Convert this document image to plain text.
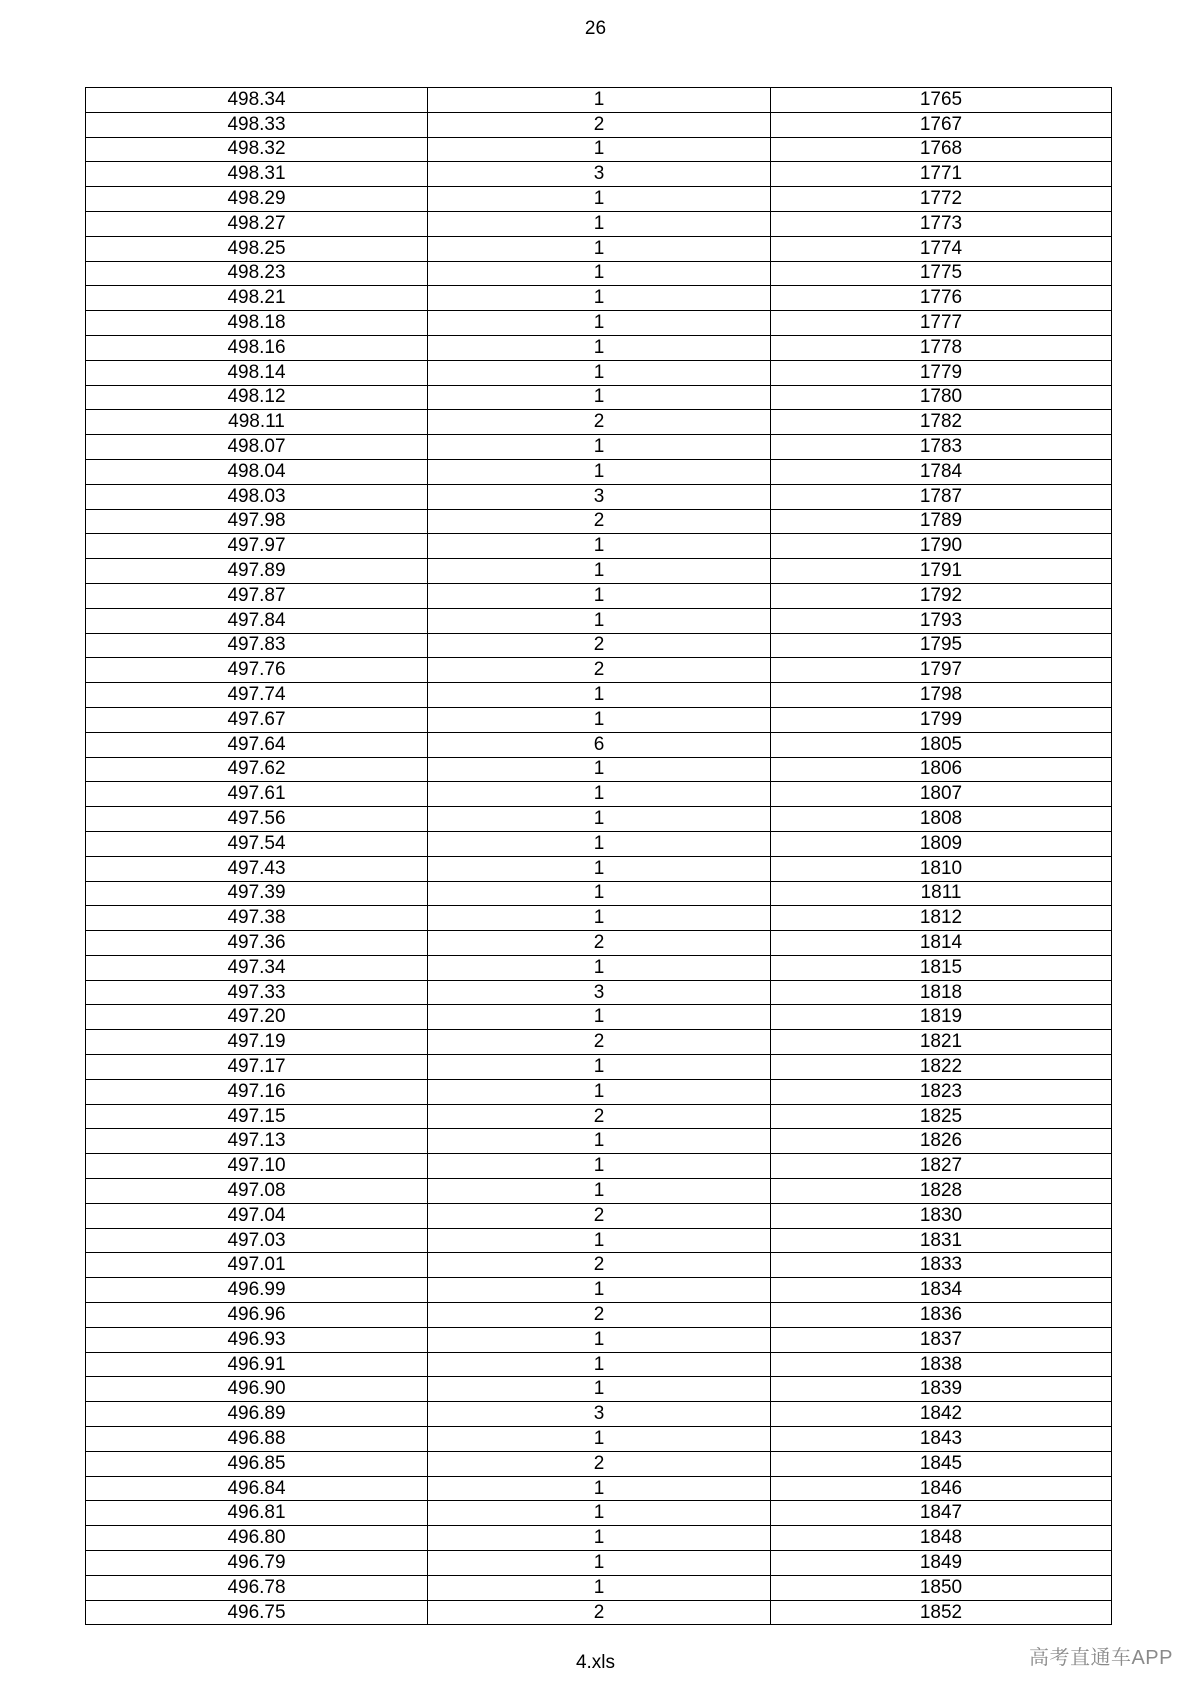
26
498.34	1	1765
498.33	2	1767
498.32	1	1768
498.31	3	1771
498.29	1	1772
498.27	1	1773
498.25	1	1774
498.23	1	1775
498.21	1	1776
498.18	1	1777
498.16	1	1778
498.14	1	1779
498.12	1	1780
498.11	2	1782
498.07	1	1783
498.04	1	1784
498.03	3	1787
497.98	2	1789
497.97	1	1790
497.89	1	1791
497.87	1	1792
497.84	1	1793
497.83	2	1795
497.76	2	1797
497.74	1	1798
497.67	1	1799
497.64	6	1805
497.62	1	1806
497.61	1	1807
497.56	1	1808
497.54	1	1809
497.43	1	1810
497.39	1	1811
497.38	1	1812
497.36	2	1814
497.34	1	1815
497.33	3	1818
497.20	1	1819
497.19	2	1821
497.17	1	1822
497.16	1	1823
497.15	2	1825
497.13	1	1826
497.10	1	1827
497.08	1	1828
497.04	2	1830
497.03	1	1831
497.01	2	1833
496.99	1	1834
496.96	2	1836
496.93	1	1837
496.91	1	1838
496.90	1	1839
496.89	3	1842
496.88	1	1843
496.85	2	1845
496.84	1	1846
496.81	1	1847
496.80	1	1848
496.79	1	1849
496.78	1	1850
496.75	2	1852
4.xls	高考直通车APP
